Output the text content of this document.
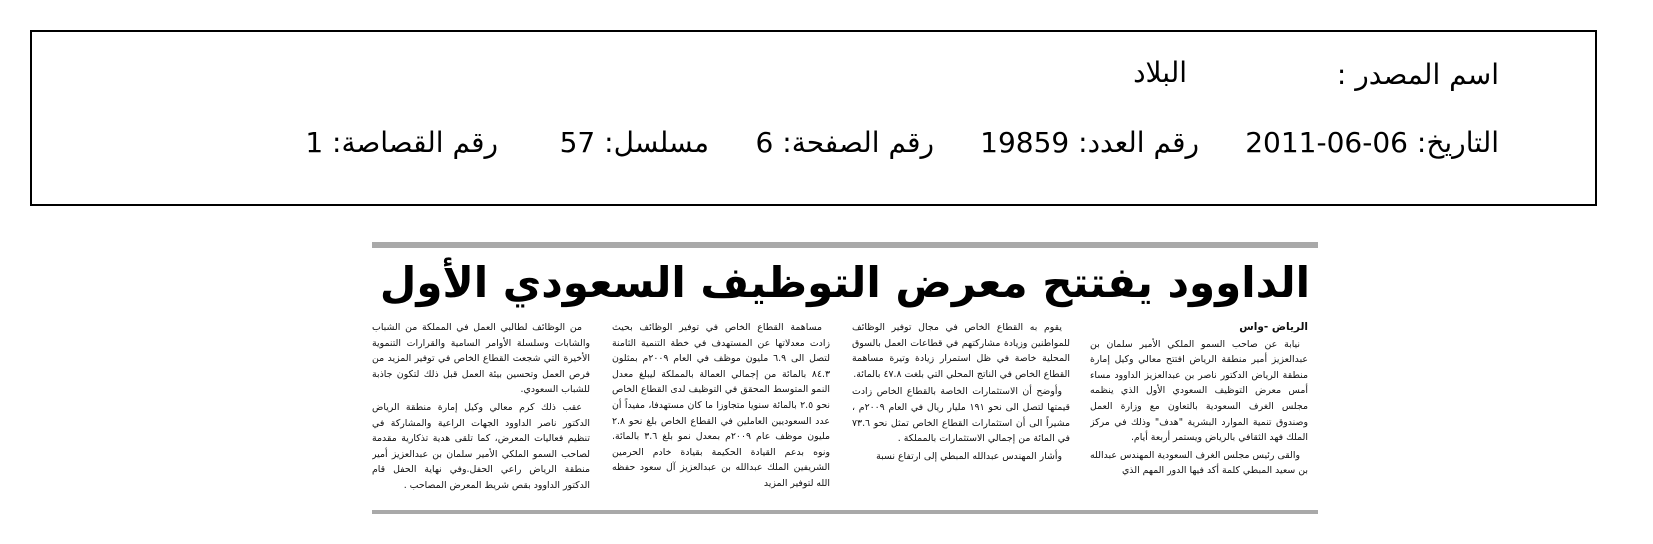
اسم المصدر :
البلاد
التاريخ: 06-06-2011
رقم العدد: 19859
رقم الصفحة: 6
مسلسل: 57
رقم القصاصة: 1
الداوود يفتتح معرض التوظيف السعودي الأول

الرياض -واس

نيابة عن صاحب السمو الملكي الأمير سلمان بن عبدالعزيز أمير منطقة الرياض افتتح معالي وكيل إمارة منطقة الرياض الدكتور ناصر بن عبدالعزيز الداوود مساء أمس معرض التوظيف السعودي الأول الذي ينظمه مجلس الغرف السعودية بالتعاون مع وزارة العمل وصندوق تنمية الموارد البشرية "هدف" وذلك في مركز الملك فهد الثقافي بالرياض ويستمر أربعة أيام.

والقى رئيس مجلس الغرف السعودية المهندس عبدالله بن سعيد المبطي كلمة أكد فيها الدور المهم الذي

يقوم به القطاع الخاص في مجال توفير الوظائف للمواطنين وزيادة مشاركتهم في قطاعات العمل بالسوق المحلية خاصة في ظل استمرار زيادة وتيرة مساهمة القطاع الخاص في الناتج المحلي التي بلغت ٤٧.٨ بالمائة.

وأوضح أن الاستثمارات الخاصة بالقطاع الخاص زادت قيمتها لتصل الى نحو ١٩١ مليار ريال في العام ٢٠٠٩م ، مشيراً الى أن استثمارات القطاع الخاص تمثل نحو ٧٣.٦ في المائة من إجمالي الاستثمارات بالمملكة .

وأشار المهندس عبدالله المبطي إلى ارتفاع نسبة

مساهمة القطاع الخاص في توفير الوظائف بحيث زادت معدلاتها عن المستهدف في خطة التنمية الثامنة لتصل الى ٦.٩ مليون موظف في العام ٢٠٠٩م بمثلون ٨٤.٣ بالمائة من إجمالي العمالة بالمملكة ليبلغ معدل النمو المتوسط المحقق في التوظيف لدى القطاع الخاص نحو ٢.٥ بالمائة سنويا متجاوزا ما كان مستهدفا، مفيداً أن عدد السعوديين العاملين في القطاع الخاص بلغ نحو ٢.٨ مليون موظف عام ٢٠٠٩م بمعدل نمو بلغ ٣.٦ بالمائة. ونوه بدعم القيادة الحكيمة بقيادة خادم الحرمين الشريفين الملك عبدالله بن عبدالعزيز آل سعود حفظه الله لتوفير المزيد

من الوظائف لطالبي العمل في المملكة من الشباب والشابات وسلسلة الأوامر السامية والقرارات التنموية الأخيرة التي شجعت القطاع الخاص في توفير المزيد من فرص العمل وتحسين بيئة العمل قبل ذلك لتكون جاذبة للشباب السعودي.

عقب ذلك كرم معالي وكيل إمارة منطقة الرياض الدكتور ناصر الداوود الجهات الراعية والمشاركة في تنظيم فعاليات المعرض، كما تلقى هدية تذكارية مقدمة لصاحب السمو الملكي الأمير سلمان بن عبدالعزيز أمير منطقة الرياض راعي الحفل.وفي نهاية الحفل قام الدكتور الداوود بقص شريط المعرض المصاحب .
